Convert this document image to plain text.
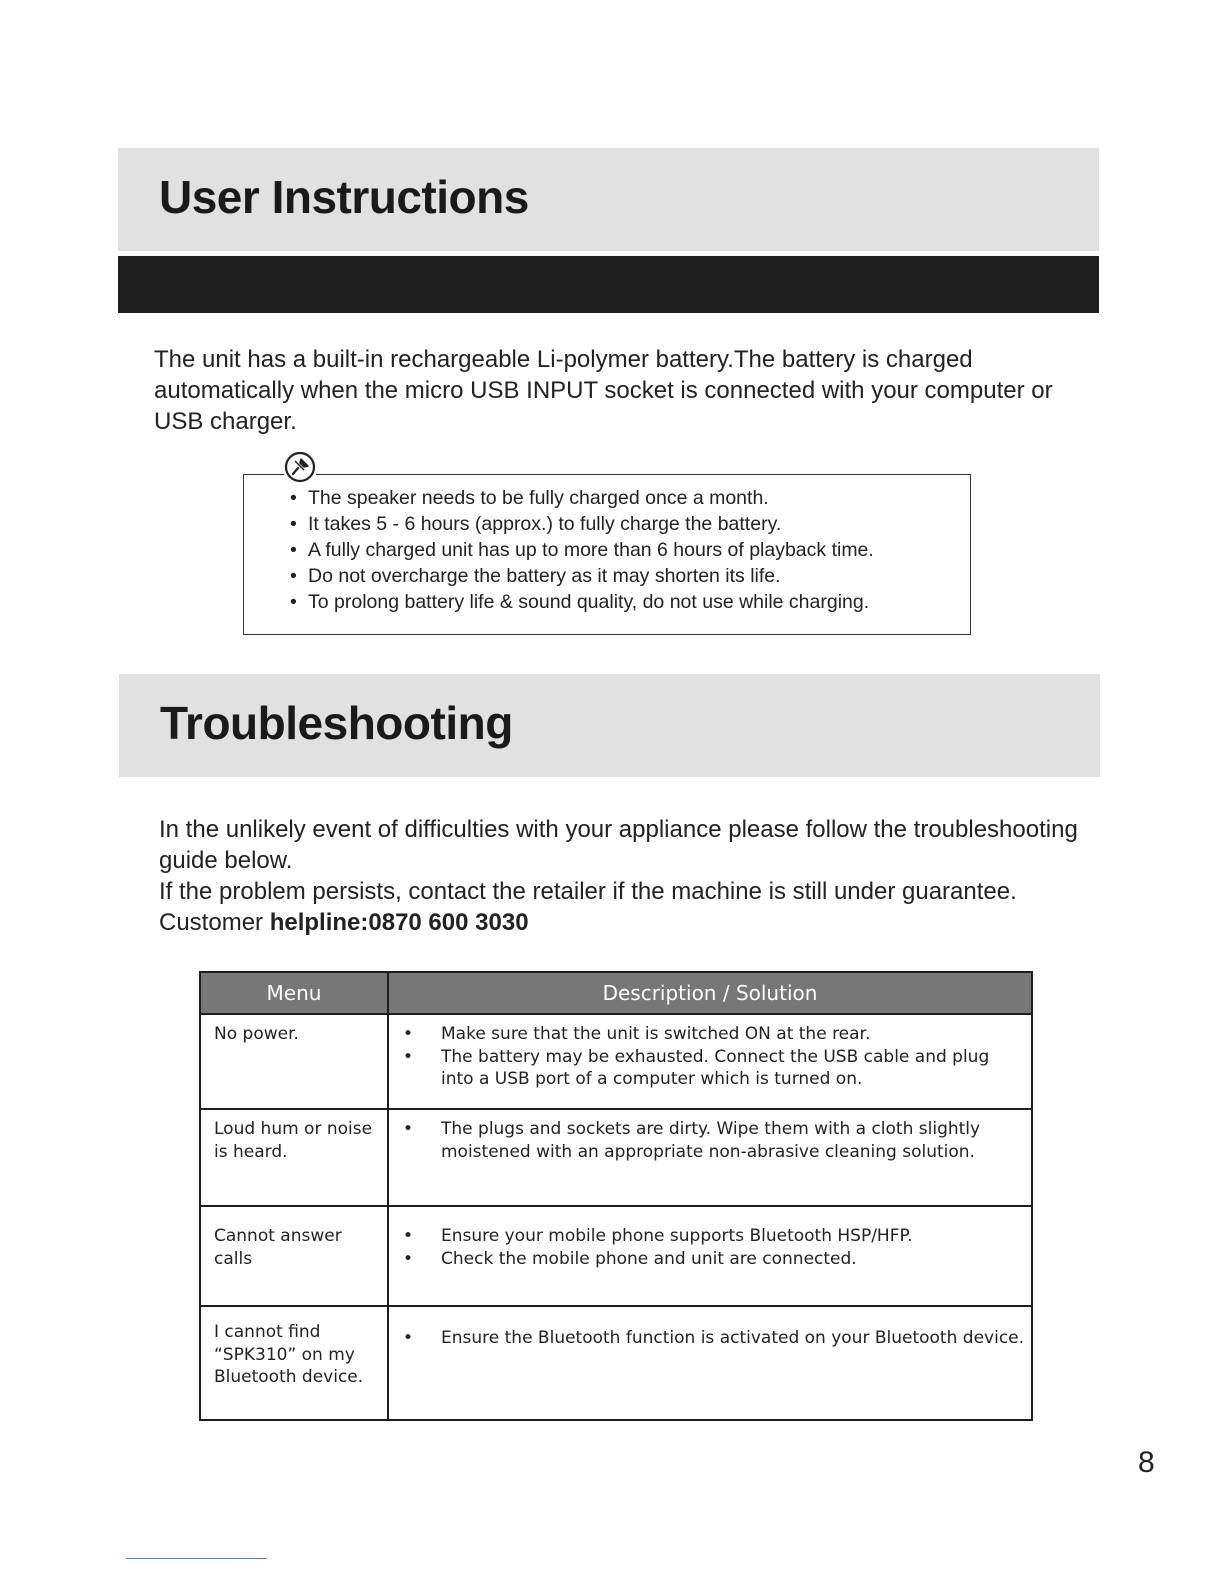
User Instructions

The unit has a built-in rechargeable Li-polymer battery.The battery is charged automatically when the micro USB INPUT socket is connected with your computer or USB charger.

• The speaker needs to be fully charged once a month.
• It takes 5 - 6 hours (approx.) to fully charge the battery.
• A fully charged unit has up to more than 6 hours of playback time.
• Do not overcharge the battery as it may shorten its life.
• To prolong battery life & sound quality, do not use while charging.
Troubleshooting
In the unlikely event of difficulties with your appliance please follow the troubleshooting guide below.
If the problem persists, contact the retailer if the machine is still under guarantee.
Customer helpline:0870 600 3030
Menu	Description / Solution
No power.	• Make sure that the unit is switched ON at the rear.
• The battery may be exhausted. Connect the USB cable and plug into a USB port of a computer which is turned on.

Loud hum or noise is heard.	• The plugs and sockets are dirty. Wipe them with a cloth slightly moistened with an appropriate non-abrasive cleaning solution.

Cannot answer calls	• Ensure your mobile phone supports Bluetooth HSP/HFP.
• Check the mobile phone and unit are connected.

I cannot find “SPK310” on my Bluetooth device.	• Ensure the Bluetooth function is activated on your Bluetooth device.
8
